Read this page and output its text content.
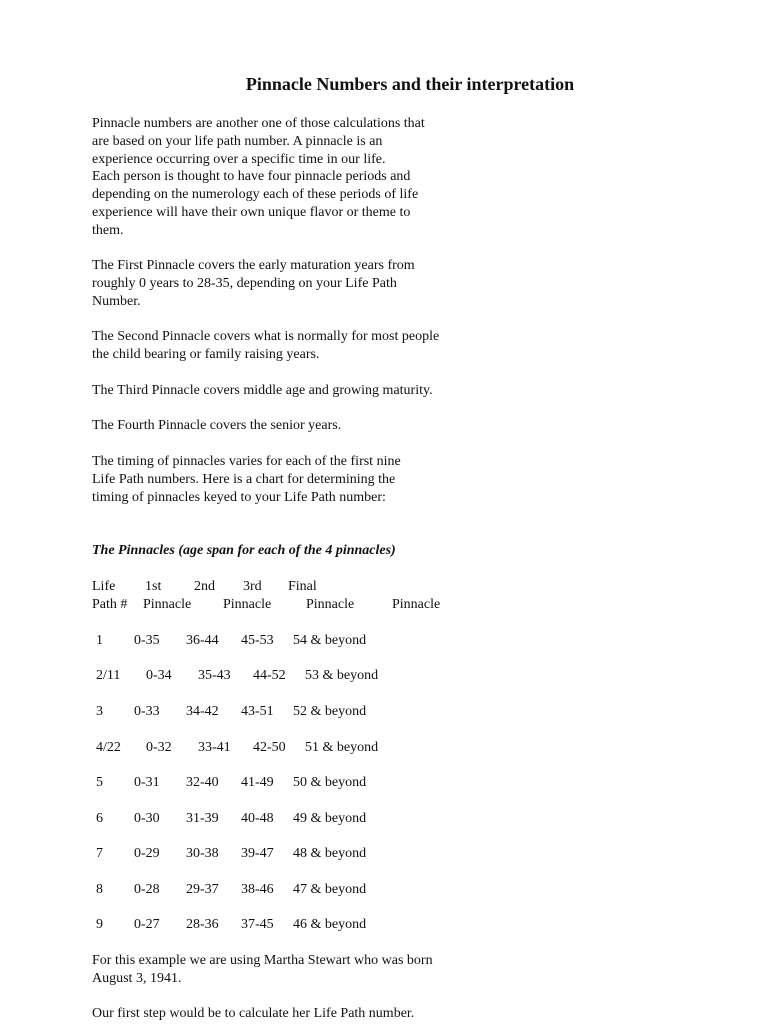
Pinnacle Numbers and their interpretation

Pinnacle numbers are another one of those calculations that
are based on your life path number. A pinnacle is an
experience occurring over a specific time in our life.
Each person is thought to have four pinnacle periods and
depending on the numerology each of these periods of life
experience will have their own unique flavor or theme to
them.

The First Pinnacle covers the early maturation years from
roughly 0 years to 28-35, depending on your Life Path
Number.

The Second Pinnacle covers what is normally for most people
the child bearing or family raising years.

The Third Pinnacle covers middle age and growing maturity.

The Fourth Pinnacle covers the senior years.

The timing of pinnacles varies for each of the first nine
Life Path numbers. Here is a chart for determining the
timing of pinnacles keyed to your Life Path number:

The Pinnacles (age span for each of the 4 pinnacles)

Life 1st 2nd 3rd Final
Path # Pinnacle Pinnacle Pinnacle	Pinnacle
1 0-35 36-44 45-53 54 & beyond
2/11 0-34 35-43 44-52 53 & beyond
3 0-33 34-42 43-51 52 & beyond
4/22 0-32 33-41 42-50 51 & beyond
5 0-31 32-40 41-49 50 & beyond
6 0-30 31-39 40-48 49 & beyond
7 0-29 30-38 39-47 48 & beyond
8 0-28 29-37 38-46 47 & beyond
9 0-27 28-36 37-45 46 & beyond

For this example we are using Martha Stewart who was born
August 3, 1941.

Our first step would be to calculate her Life Path number.
